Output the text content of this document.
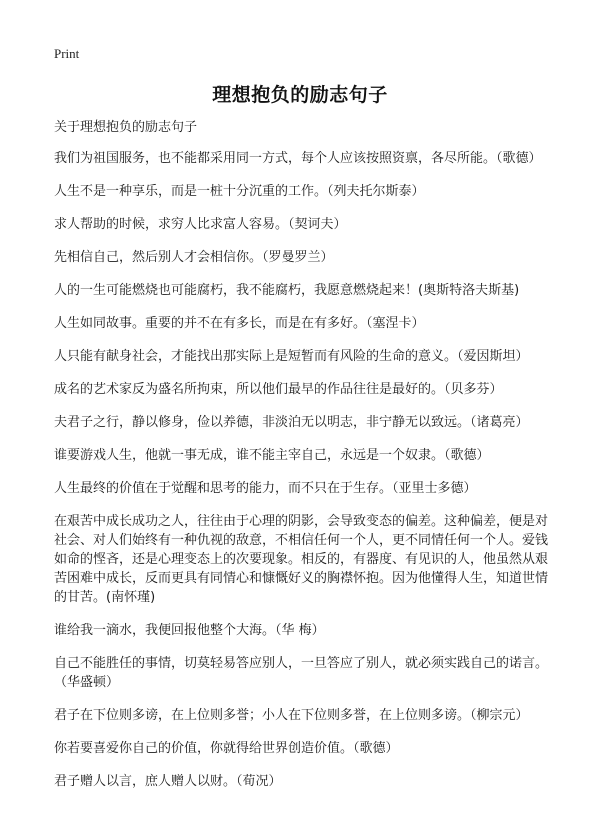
Print
理想抱负的励志句子

关于理想抱负的励志句子

我们为祖国服务，也不能都采用同一方式，每个人应该按照资禀，各尽所能。（歌德）

人生不是一种享乐，而是一桩十分沉重的工作。（列夫托尔斯泰）

求人帮助的时候，求穷人比求富人容易。（契诃夫）

先相信自己，然后别人才会相信你。（罗曼罗兰）

人的一生可能燃烧也可能腐朽，我不能腐朽，我愿意燃烧起来！(奥斯特洛夫斯基)

人生如同故事。重要的并不在有多长，而是在有多好。（塞涅卡）

人只能有献身社会，才能找出那实际上是短暂而有风险的生命的意义。（爱因斯坦）

成名的艺术家反为盛名所拘束，所以他们最早的作品往往是最好的。（贝多芬）

夫君子之行，静以修身，俭以养德，非淡泊无以明志，非宁静无以致远。（诸葛亮）

谁要游戏人生，他就一事无成，谁不能主宰自己，永远是一个奴隶。（歌德）

人生最终的价值在于觉醒和思考的能力，而不只在于生存。（亚里士多德）

在艰苦中成长成功之人，往往由于心理的阴影，会导致变态的偏差。这种偏差，便是对社会、对人们始终有一种仇视的敌意，不相信任何一个人，更不同情任何一个人。爱钱如命的悭吝，还是心理变态上的次要现象。相反的，有器度、有见识的人，他虽然从艰苦困难中成长，反而更具有同情心和慷慨好义的胸襟怀抱。因为他懂得人生，知道世情的甘苦。(南怀瑾)

谁给我一滴水，我便回报他整个大海。（华 梅）

自己不能胜任的事情，切莫轻易答应别人，一旦答应了别人，就必须实践自己的诺言。（华盛顿）

君子在下位则多谤，在上位则多誉；小人在下位则多誉，在上位则多谤。（柳宗元）

你若要喜爱你自己的价值，你就得给世界创造价值。（歌德）

君子赠人以言，庶人赠人以财。（荀况）
